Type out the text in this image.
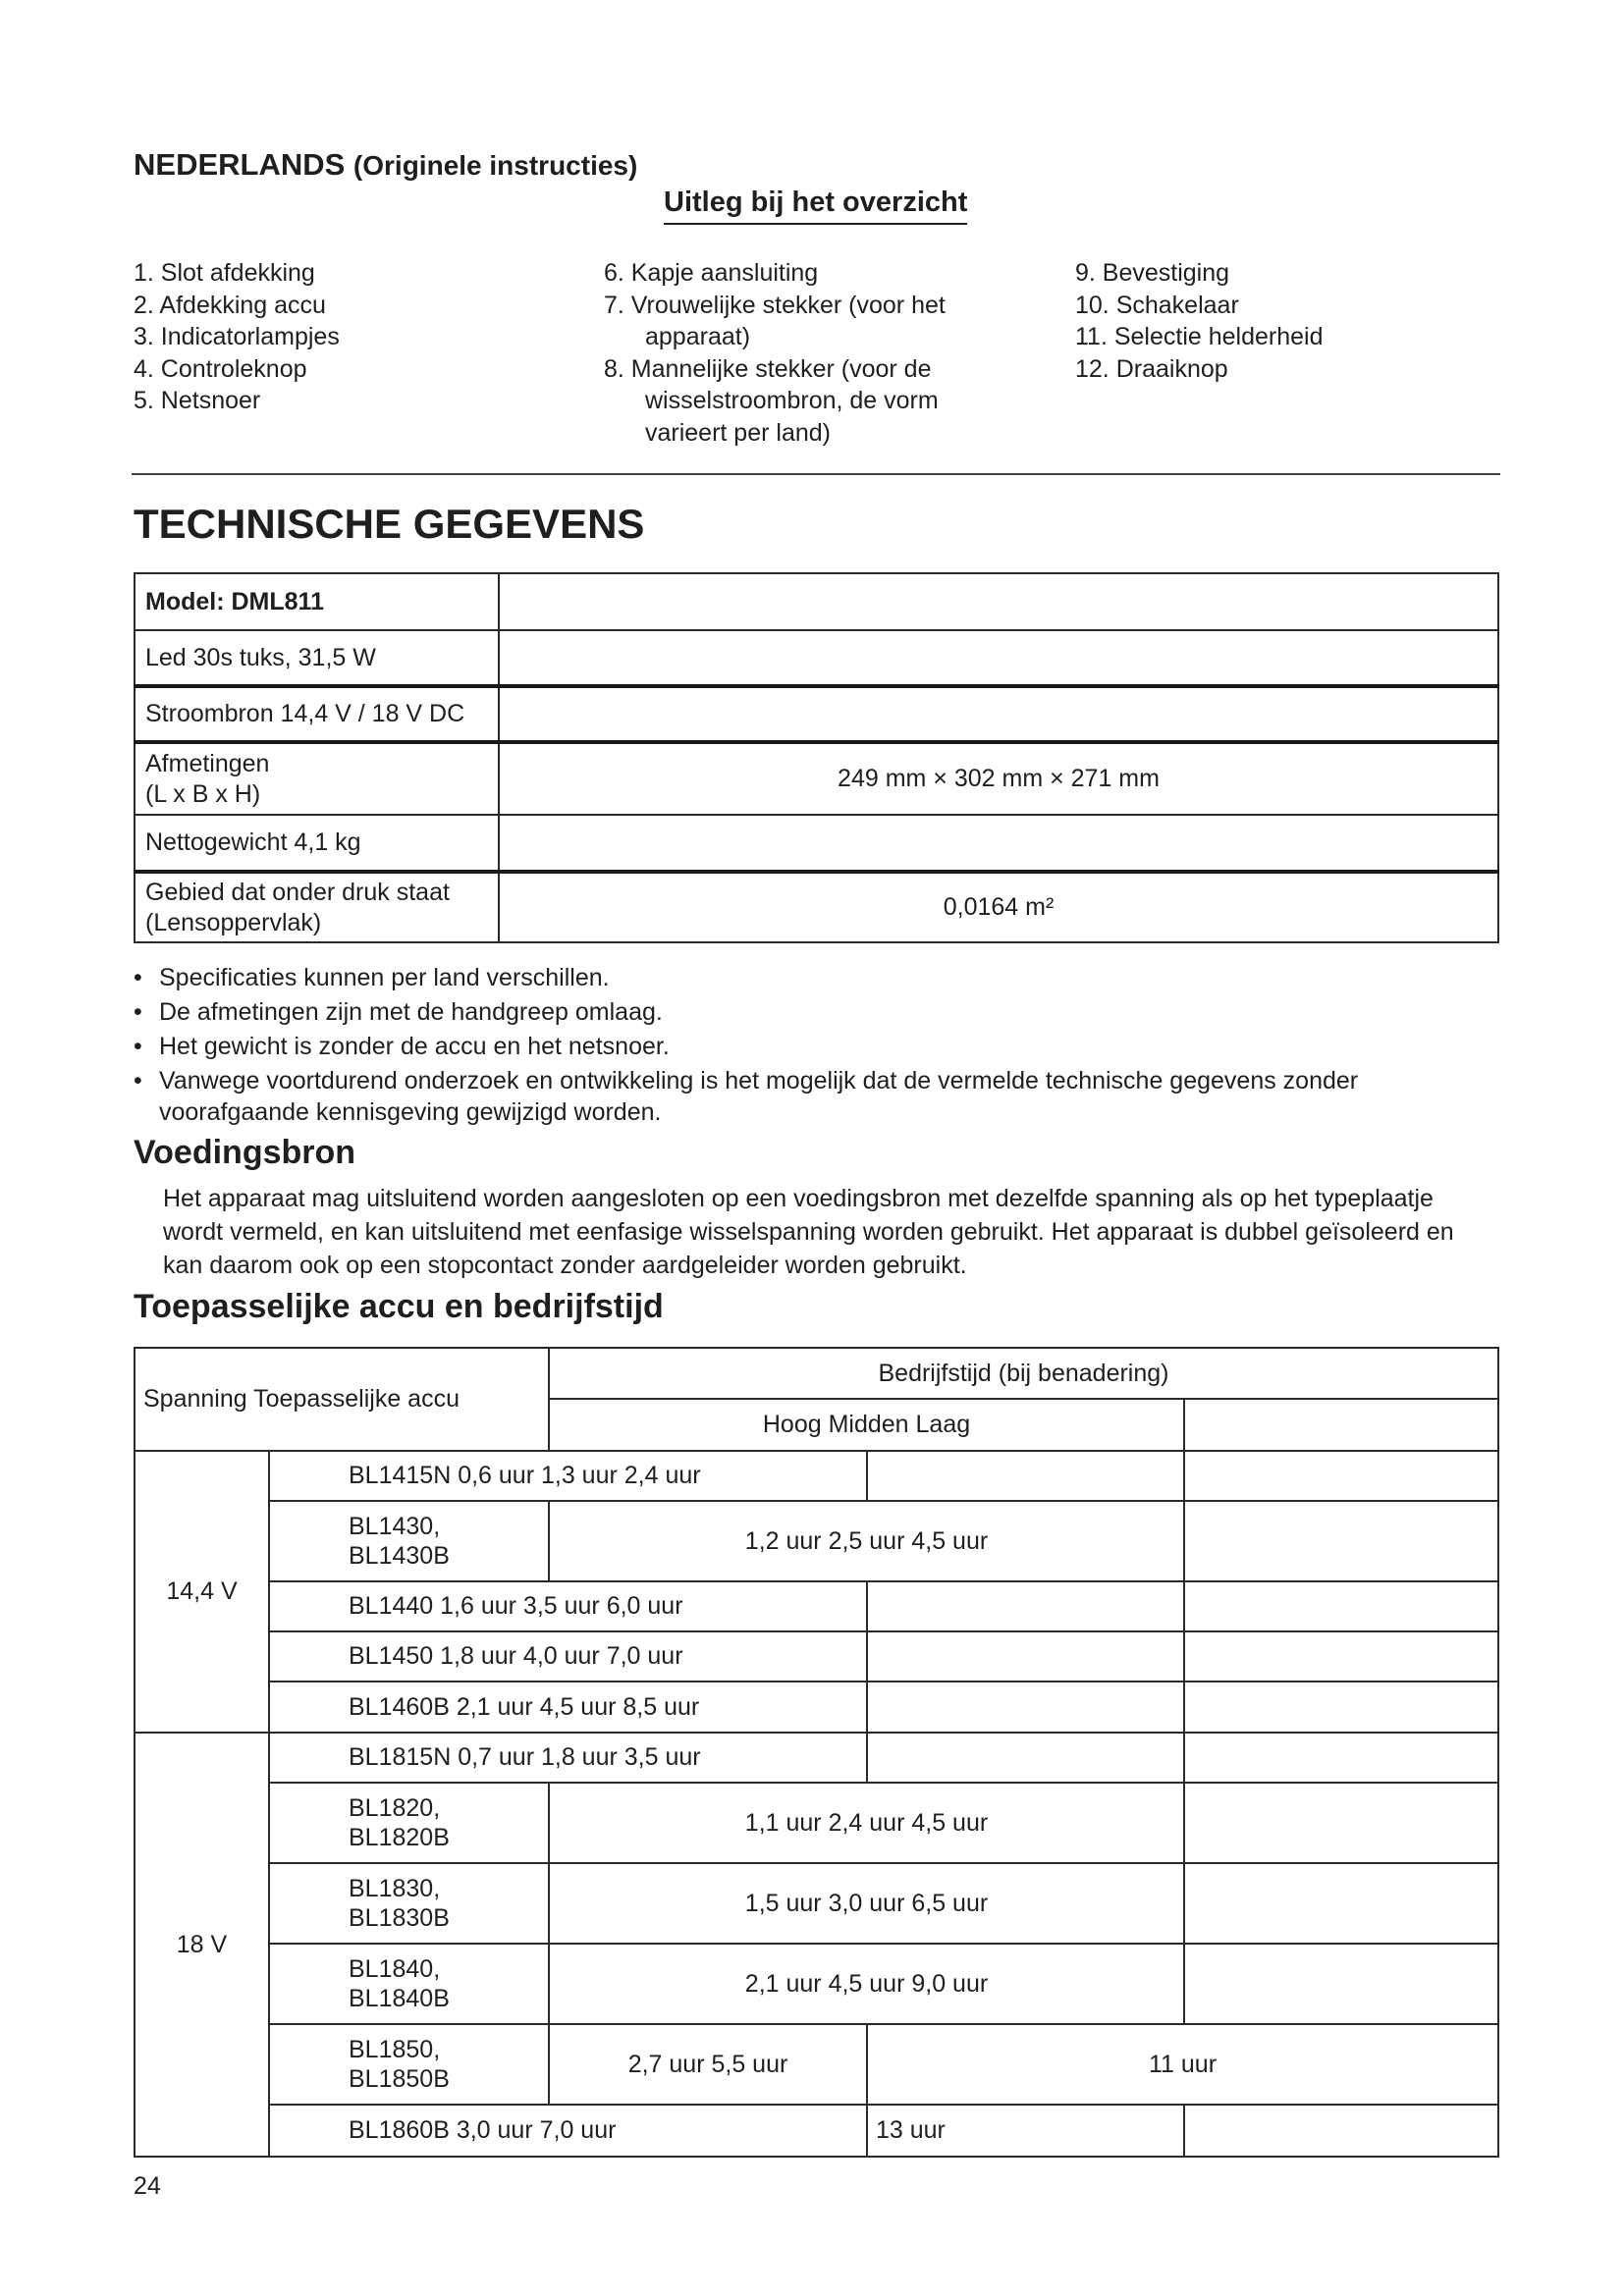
NEDERLANDS (Originele instructies)
Uitleg bij het overzicht
1. Slot afdekking
2. Afdekking accu
3. Indicatorlampjes
4. Controleknop
5. Netsnoer
6. Kapje aansluiting
7. Vrouwelijke stekker (voor het
apparaat)
8. Mannelijke stekker (voor de
wisselstroombron, de vorm
varieert per land)
9. Bevestiging
10. Schakelaar
11. Selectie helderheid
12. Draaiknop
TECHNISCHE GEGEVENS
Model: DML811	
Led 30s tuks, 31,5 W	
Stroombron 14,4 V / 18 V DC	

Afmetingen
(L x B x H)	249 mm × 302 mm × 271 mm
Nettogewicht 4,1 kg	

Gebied dat onder druk staat
(Lensoppervlak)	0,0164 m²
• Specificaties kunnen per land verschillen.
• De afmetingen zijn met de handgreep omlaag.
• Het gewicht is zonder de accu en het netsnoer.
• Vanwege voortdurend onderzoek en ontwikkeling is het mogelijk dat de vermelde technische gegevens zonder voorafgaande kennisgeving gewijzigd worden.
Voedingsbron
Het apparaat mag uitsluitend worden aangesloten op een voedingsbron met dezelfde spanning als op het typeplaatje wordt vermeld, en kan uitsluitend met eenfasige wisselspanning worden gebruikt. Het apparaat is dubbel geïsoleerd en kan daarom ook op een stopcontact zonder aardgeleider worden gebruikt.
Toepasselijke accu en bedrijfstijd
Spanning Toepasselijke accu		Bedrijfstijd (bij benadering)		
		Hoog Midden Laag		
14,4 V	BL1415N 0,6 uur 1,3 uur 2,4 uur			

	BL1430,
BL1430B	1,2 uur 2,5 uur 4,5 uur		
	BL1440 1,6 uur 3,5 uur 6,0 uur			
	BL1450 1,8 uur 4,0 uur 7,0 uur			
	BL1460B 2,1 uur 4,5 uur 8,5 uur			
18 V	BL1815N 0,7 uur 1,8 uur 3,5 uur			

	BL1820,
BL1820B	1,1 uur 2,4 uur 4,5 uur		

	BL1830,
BL1830B	1,5 uur 3,0 uur 6,5 uur		

	BL1840,
BL1840B	2,1 uur 4,5 uur 9,0 uur		

	BL1850,
BL1850B	2,7 uur 5,5 uur	11 uur	
	BL1860B 3,0 uur 7,0 uur		13 uur	
24
